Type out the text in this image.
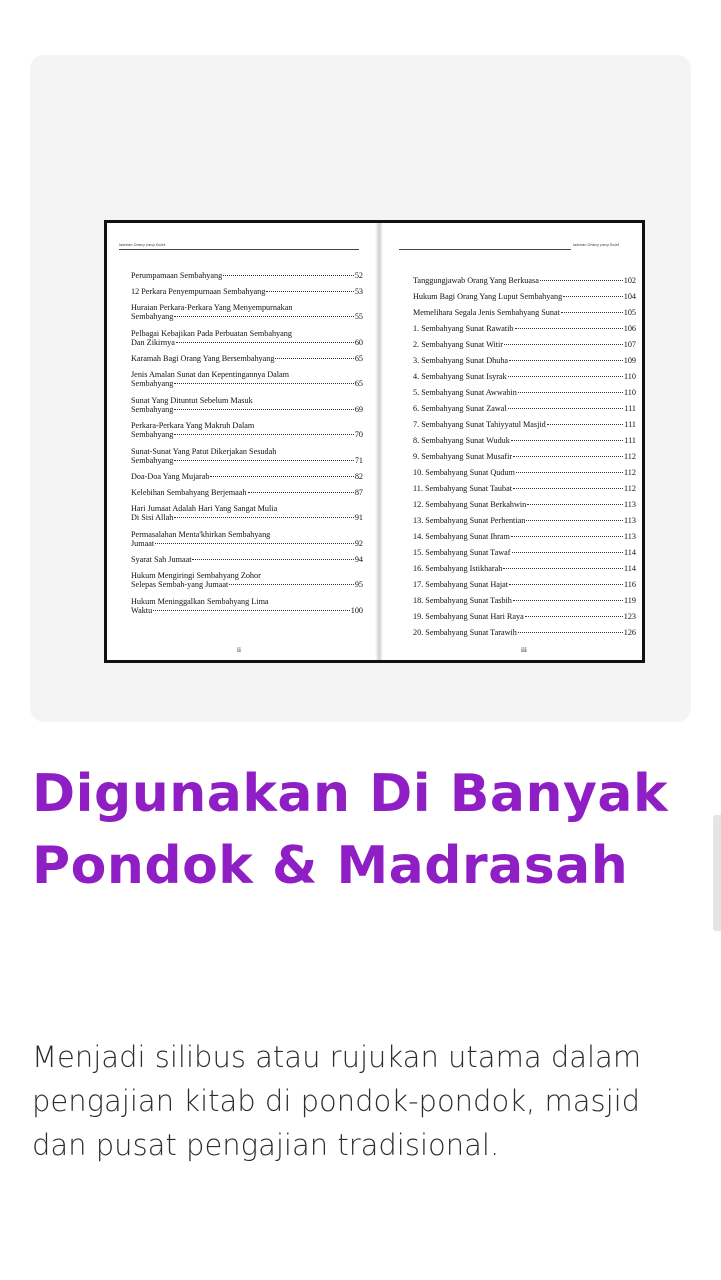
Idaman Orang yang Solat
Perumpamaan Sembahyang	52
12 Perkara Penyempurnaan Sembahyang	53
Huraian Perkara-Perkara Yang Menyempurnakan
Sembahyang	55
Pelbagai Kebajikan Pada Perbuatan Sembahyang
Dan Zikirnya	60
Karamah Bagi Orang Yang Bersembahyang	65
Jenis Amalan Sunat dan Kepentingannya Dalam
Sembahyang	65
Sunat Yang Dituntut Sebelum Masuk
Sembahyang	69
Perkara-Perkara Yang Makruh Dalam
Sembahyang	70
Sunat-Sunat Yang Patut Dikerjakan Sesudah
Sembahyang	71
Doa-Doa Yang Mujarab	82
Kelebihan Sembahyang Berjemaah	87
Hari Jumaat Adalah Hari Yang Sangat Mulia
Di Sisi Allah	91
Permasalahan Menta'khirkan Sembahyang
Jumaat	92
Syarat Sah Jumaat	94
Hukum Mengiringi Sembahyang Zohor
Selepas Sembah-yang Jumaat	95
Hukum Meninggalkan Sembahyang Lima
Waktu	100
ii
Idaman Orang yang Solat
Tanggungjawab Orang Yang Berkuasa	102
Hukum Bagi Orang Yang Luput Sembahyang	104
Memelihara Segala Jenis Sembahyang Sunat	105
1. Sembahyang Sunat Rawatib	106
2. Sembahyang Sunat Witir	107
3. Sembahyang Sunat Dhuha	109
4. Sembahyang Sunat Isyrak	110
5. Sembahyang Sunat Awwabin	110
6. Sembahyang Sunat Zawal	111
7. Sembahyang Sunat Tahiyyatul Masjid	111
8. Sembahyang Sunat Wuduk	111
9. Sembahyang Sunat Musafir	112
10. Sembahyang Sunat Qudum	112
11. Sembahyang Sunat Taubat	112
12. Sembahyang Sunat Berkahwin	113
13. Sembahyang Sunat Perhentian	113
14. Sembahyang Sunat Ihram	113
15. Sembahyang Sunat Tawaf	114
16. Sembahyang Istikharah	114
17. Sembahyang Sunat Hajat	116
18. Sembahyang Sunat Tasbih	119
19. Sembahyang Sunat Hari Raya	123
20. Sembahyang Sunat Tarawih	126
iii
Digunakan Di Banyak Pondok & Madrasah

Menjadi silibus atau rujukan utama dalam pengajian kitab di pondok-pondok, masjid dan pusat pengajian tradisional.
